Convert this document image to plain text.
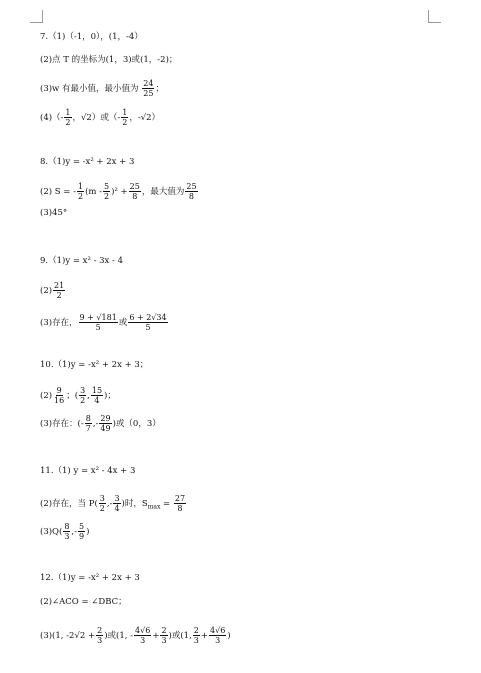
7.（1)（-1，0），(1，-4）
(2)点 T 的坐标为(1，3)或(1，-2)；
(3)w 有最小值，最小值为 $\frac{24}{25}$ ；
$(4)(- \frac{1}{2}$ ，√2）或（- $\frac{1}{2}$ ，-√2）
8.（1)y = -x² + 2x + 3
(2) S = - $\frac{1}{2} (m - \frac{5}{2} )^2 + \frac{25}{8}$ ，最大值为 $\frac{25}{8}$
(3)45°
9.（1)y = x² - 3x - 4
$(2) \frac{21}{2}$
(3)存在， $\frac{9 + √181}{5}$ 或 $\frac{6 + 2√34}{5}$
10.（1)y = -x² + 2x + 3；
$(2) \frac{9}{16}$ ；( $\frac{3}{2}$ , $\frac{15}{4}$ )；
(3)存在：(- $\frac{8}{7}$ ,- $\frac{29}{49}$ )或（0，3）
11.（1) y = x² - 4x + 3
(2)存在，当 $P( \frac{3}{2}$ ,- $\frac{3}{4}$ )时，$S_{max} = \frac{27}{8}$
$(3)Q( \frac{8}{3}$ ,- $\frac{5}{9}$ )
12.（1)y = -x² + 2x + 3
(2)∠ACO = ∠DBC；
(3)(1, $-2√2 + \frac{2}{3}$ )或(1, - $\frac{4√6}{3} + \frac{2}{3}$ )或(1, $\frac{2}{3} + \frac{4√6}{3}$ )
